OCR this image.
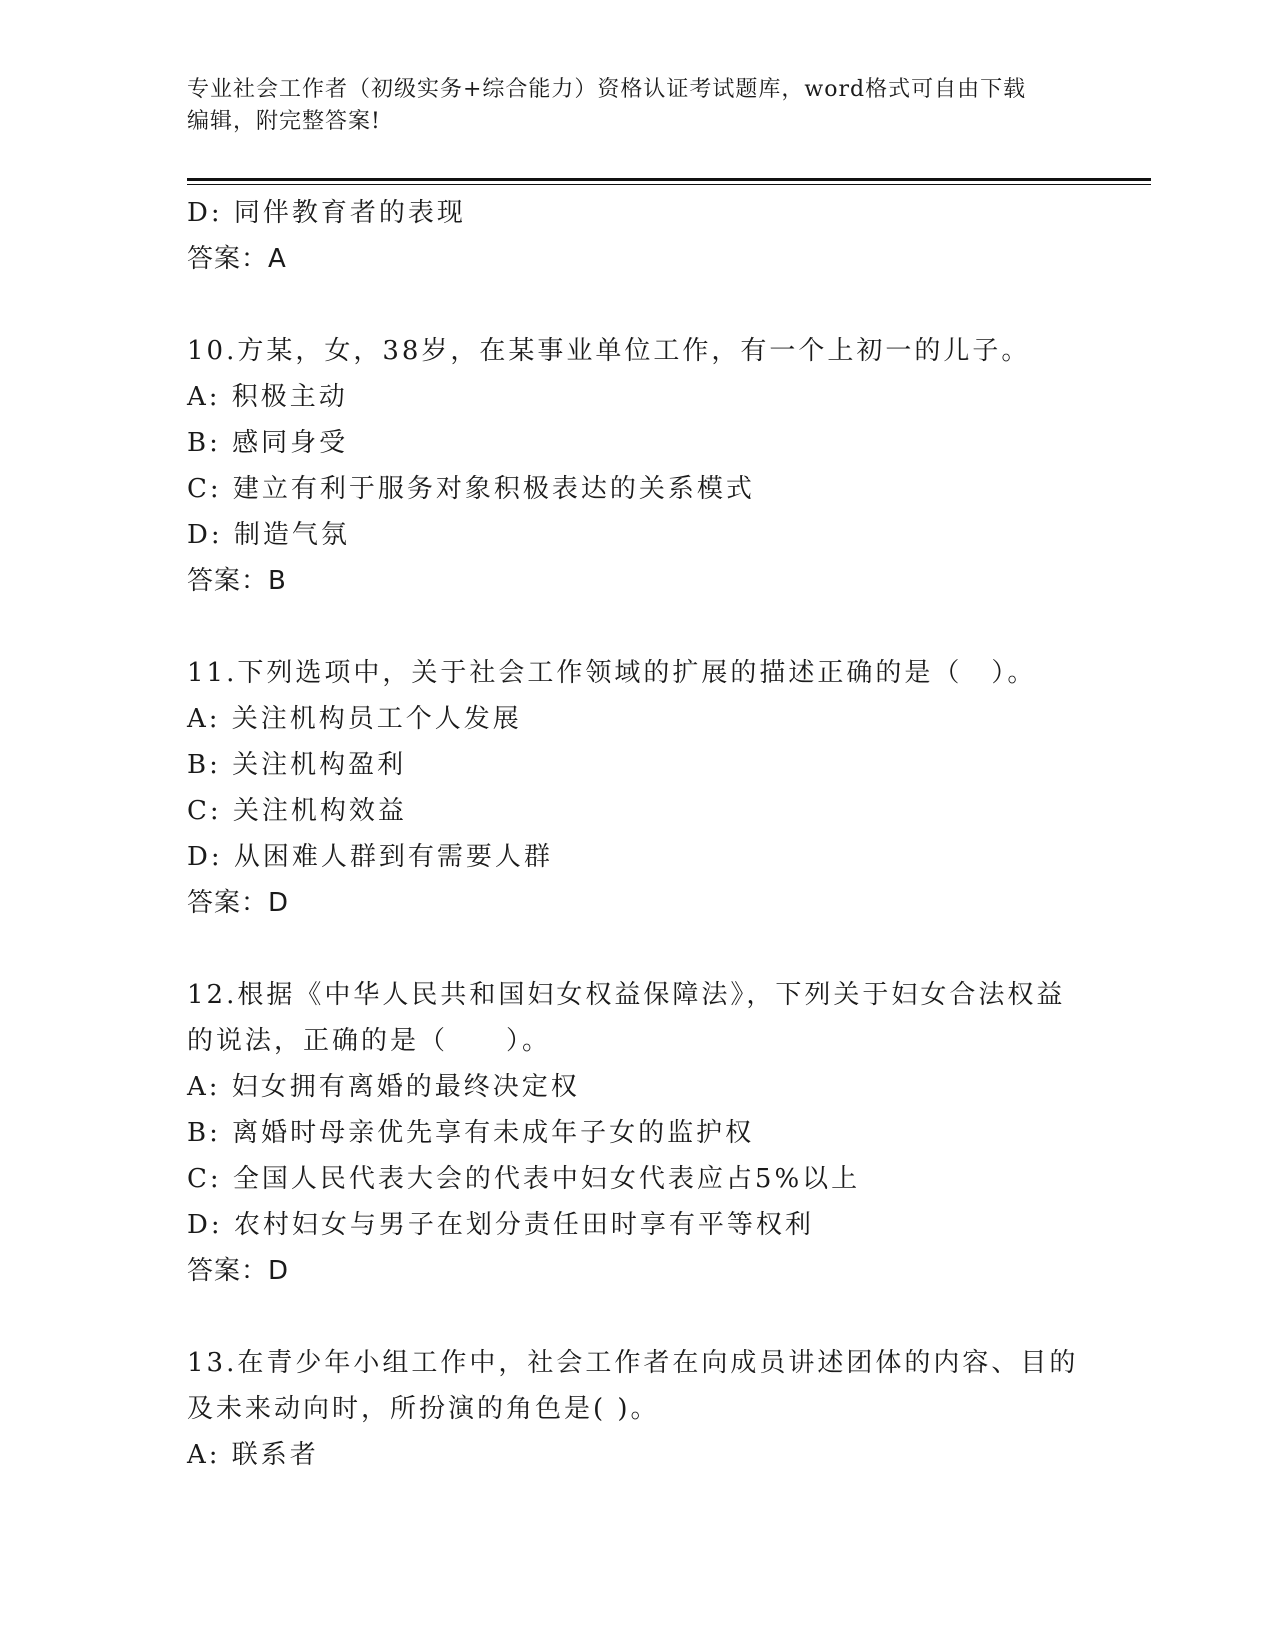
专业社会工作者（初级实务+综合能力）资格认证考试题库，word格式可自由下载
编辑，附完整答案!
D: 同伴教育者的表现
答案：A
10.方某，女，38岁，在某事业单位工作，有一个上初一的儿子。
A: 积极主动
B: 感同身受
C: 建立有利于服务对象积极表达的关系模式
D: 制造气氛
答案：B
11.下列选项中，关于社会工作领域的扩展的描述正确的是（　）。
A: 关注机构员工个人发展
B: 关注机构盈利
C: 关注机构效益
D: 从困难人群到有需要人群
答案：D
12.根据《中华人民共和国妇女权益保障法》，下列关于妇女合法权益
的说法，正确的是（　　）。
A: 妇女拥有离婚的最终决定权
B: 离婚时母亲优先享有未成年子女的监护权
C: 全国人民代表大会的代表中妇女代表应占5%以上
D: 农村妇女与男子在划分责任田时享有平等权利
答案：D
13.在青少年小组工作中，社会工作者在向成员讲述团体的内容、目的
及未来动向时，所扮演的角色是( )。
A: 联系者
